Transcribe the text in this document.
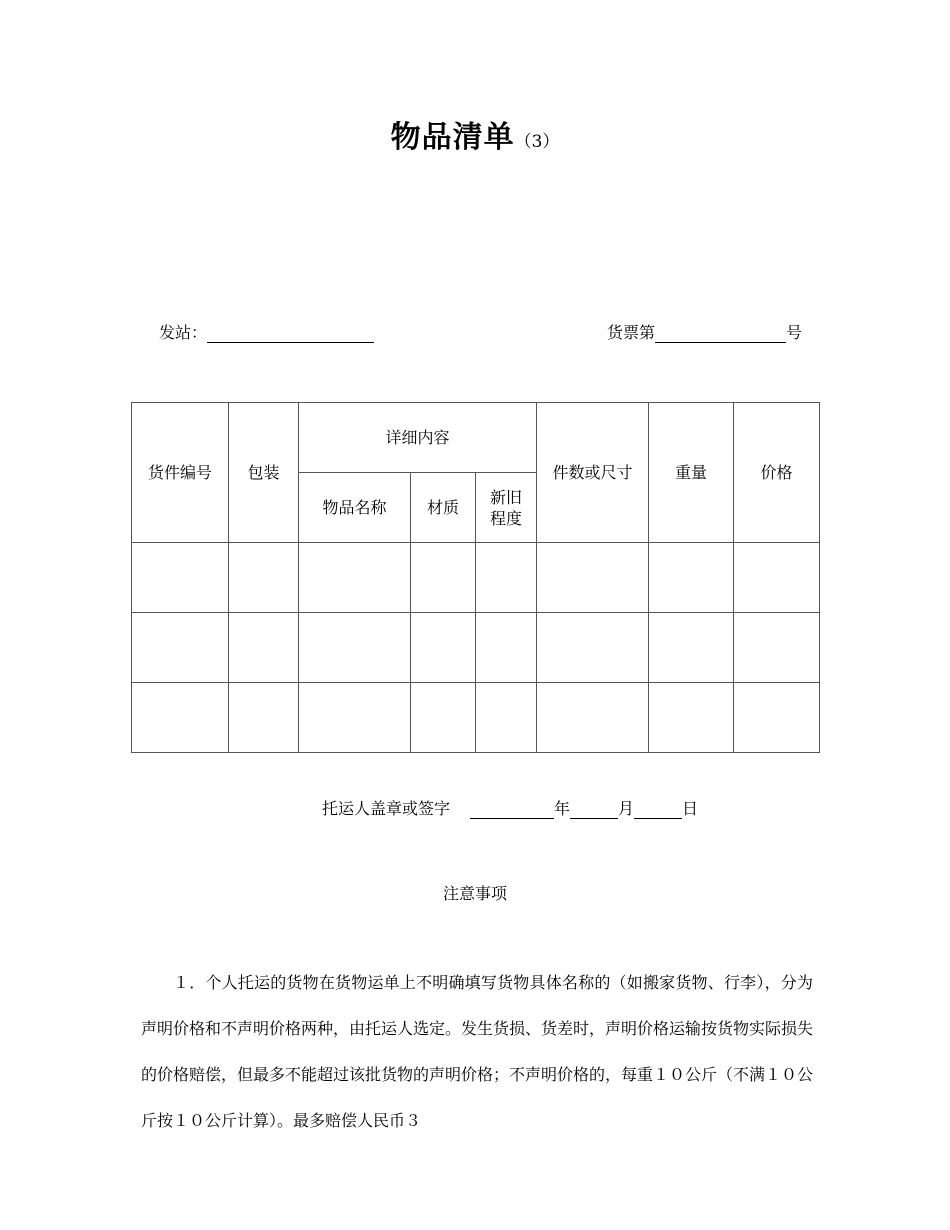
物品清单（3）
发站：	货票第	号
货件编号	包装	详细内容			件数或尺寸	重量	价格
		物品名称	材质	新旧
程度			

托运人盖章或签字	年	月	日
注意事项
１．个人托运的货物在货物运单上不明确填写货物具体名称的（如搬家货物、行李），分为声明价格和不声明价格两种，由托运人选定。发生货损、货差时，声明价格运输按货物实际损失的价格赔偿，但最多不能超过该批货物的声明价格；不声明价格的，每重１０公斤（不满１０公斤按１０公斤计算）。最多赔偿人民币３
